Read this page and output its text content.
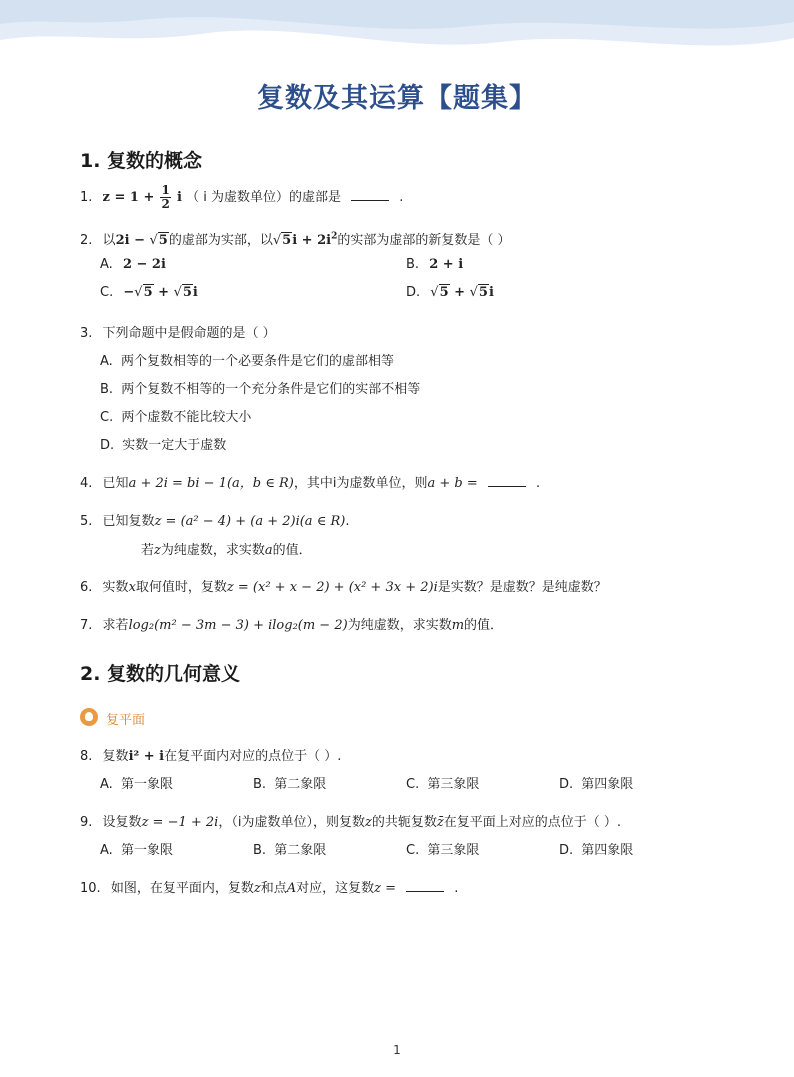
复数及其运算【题集】
1. 复数的概念
1. $z = 1 + \frac{1}{2}$ i （ i 为虚数单位）的虚部是	.
2. 以2i − √5的虚部为实部，以$√5i + 2i^2$的实部为虚部的新复数是（ ）
A. 2 − 2i	B. 2 + i
C. −√5 + √5i	D. √5 + √5i
3. 下列命题中是假命题的是（ ）
A. 两个复数相等的一个必要条件是它们的虚部相等
B. 两个复数不相等的一个充分条件是它们的实部不相等
C. 两个虚数不能比较大小
D. 实数一定大于虚数
4. 已知a + 2i = bi − 1(a，b ∈ R)，其中i为虚数单位，则a + b =	.
5. 已知复数z = (a² − 4) + (a + 2)i(a ∈ R).
若z为纯虚数，求实数a的值．
6. 实数x取何值时，复数z = (x² + x − 2) + (x² + 3x + 2)i是实数？是虚数？是纯虚数？
7. 求若log₂(m² − 3m − 3) + ilog₂(m − 2)为纯虚数，求实数m的值．
2. 复数的几何意义
复平面
8. 复数i² + i在复平面内对应的点位于（ ）.
A. 第一象限	B. 第二象限	C. 第三象限	D. 第四象限
9. 设复数z = −1 + 2i，（i为虚数单位），则复数z的共轭复数z̄在复平面上对应的点位于（ ）.
A. 第一象限	B. 第二象限	C. 第三象限	D. 第四象限
10. 如图，在复平面内，复数z和点A对应，这复数z =	.
1
